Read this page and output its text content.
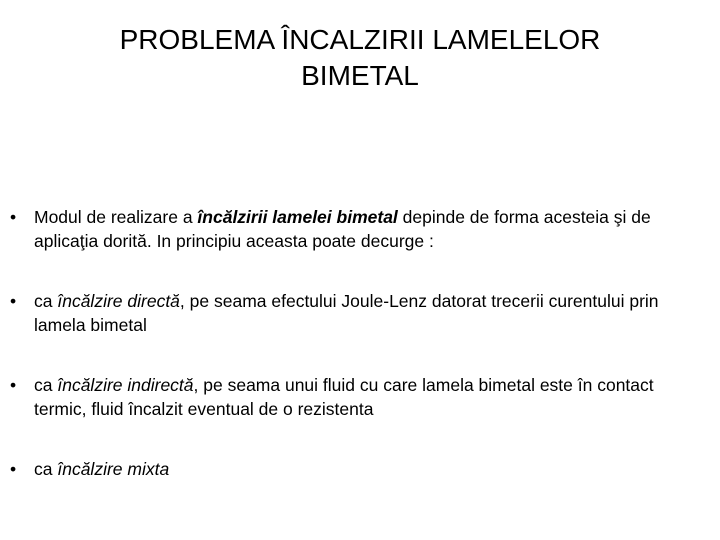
PROBLEMA ÎNCALZIRII LAMELELOR
BIMETAL
• Modul de realizare a încălzirii lamelei bimetal depinde de forma acesteia şi de aplicaţia dorită. In principiu aceasta poate decurge :
• ca încălzire directă, pe seama efectului Joule-Lenz datorat trecerii curentului prin lamela bimetal
• ca încălzire indirectă, pe seama unui fluid cu care lamela bimetal este în contact termic, fluid încalzit eventual de o rezistenta
• ca încălzire mixta
